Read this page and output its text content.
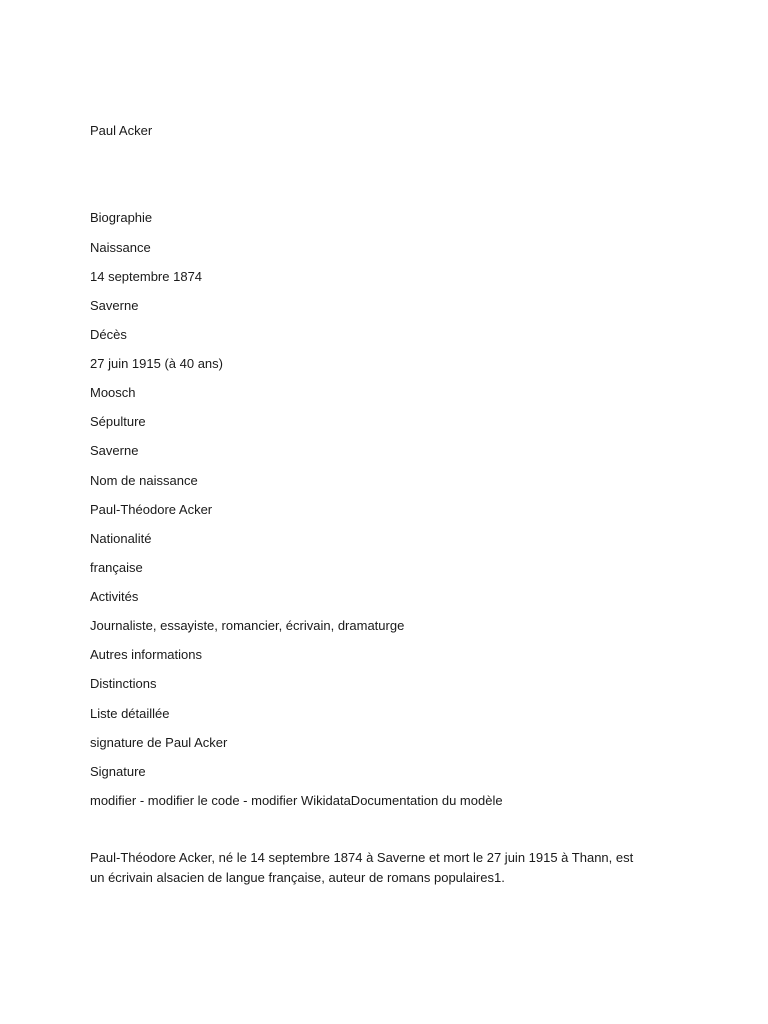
Paul Acker

Biographie

Naissance

14 septembre 1874

Saverne

Décès

27 juin 1915 (à 40 ans)

Moosch

Sépulture

Saverne

Nom de naissance

Paul-Théodore Acker

Nationalité

française

Activités

Journaliste, essayiste, romancier, écrivain, dramaturge

Autres informations

Distinctions

Liste détaillée

signature de Paul Acker

Signature

modifier - modifier le code - modifier WikidataDocumentation du modèle

Paul-Théodore Acker, né le 14 septembre 1874 à Saverne et mort le 27 juin 1915 à Thann, est un écrivain alsacien de langue française, auteur de romans populaires1.
